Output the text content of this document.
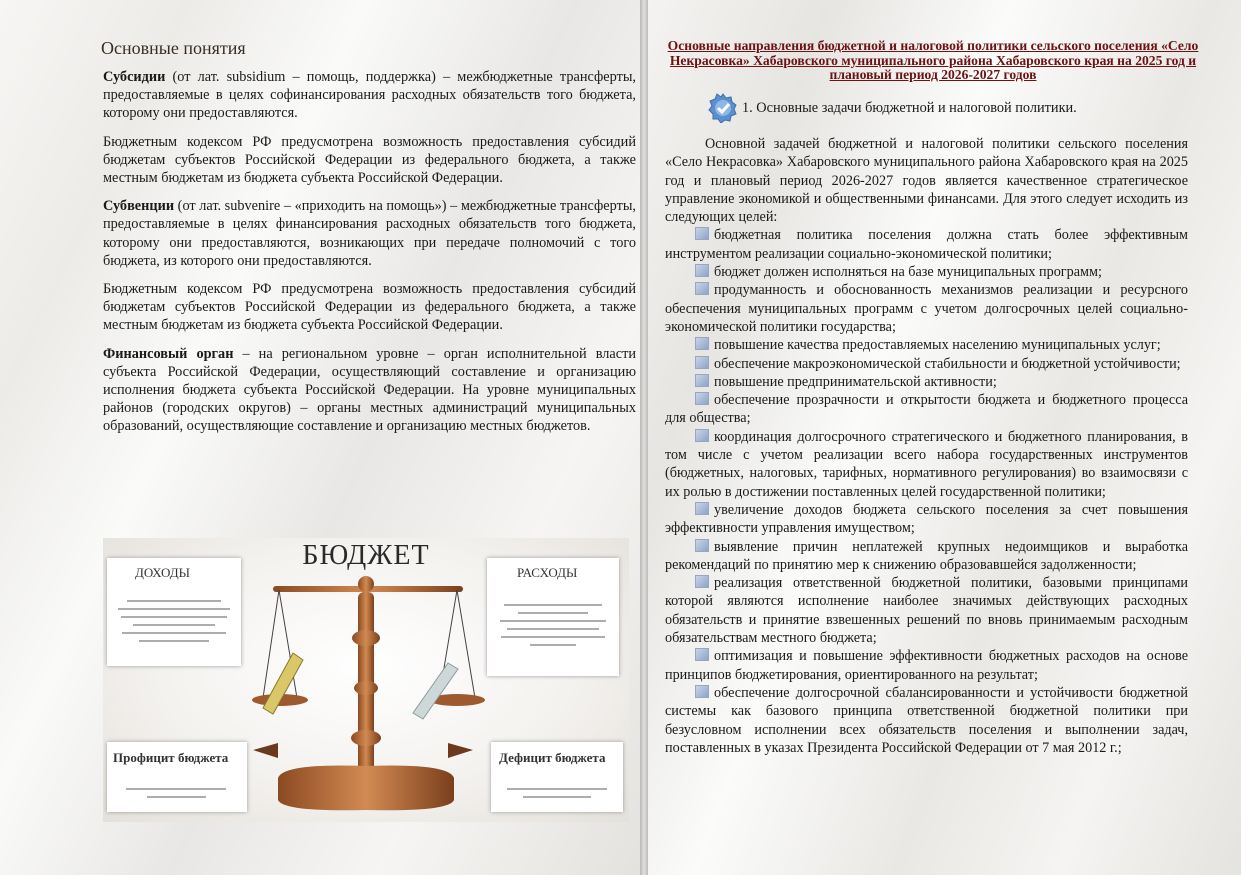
Основные понятия

Субсидии (от лат. subsidium – помощь, поддержка) – межбюджетные трансферты, предоставляемые в целях софинансирования расходных обязательств того бюджета, которому они предоставляются.

Бюджетным кодексом РФ предусмотрена возможность предоставления субсидий бюджетам субъектов Российской Федерации из федерального бюджета, а также местным бюджетам из бюджета субъекта Российской Федерации.

Субвенции (от лат. subvenire – «приходить на помощь») – межбюджетные трансферты, предоставляемые в целях финансирования расходных обязательств того бюджета, которому они предоставляются, возникающих при передаче полномочий с того бюджета, из которого они предоставляются.

Бюджетным кодексом РФ предусмотрена возможность предоставления субсидий бюджетам субъектов Российской Федерации из федерального бюджета, а также местным бюджетам из бюджета субъекта Российской Федерации.

Финансовый орган – на региональном уровне – орган исполнительной власти субъекта Российской Федерации, осуществляющий составление и организацию исполнения бюджета субъекта Российской Федерации. На уровне муниципальных районов (городских округов) – органы местных администраций муниципальных образований, осуществляющие составление и организацию местных бюджетов.

БЮДЖЕТ
ДОХОДЫ	РАСХОДЫ
Профицит бюджета	Дефицит бюджета
Основные направления бюджетной и налоговой политики сельского поселения «Село Некрасовка» Хабаровского муниципального района Хабаровского края на 2025 год и плановый период 2026-2027 годов
1. Основные задачи бюджетной и налоговой политики.

Основной задачей бюджетной и налоговой политики сельского поселения «Село Некрасовка» Хабаровского муниципального района Хабаровского края на 2025 год и плановый период 2026-2027 годов является качественное стратегическое управление экономикой и общественными финансами. Для этого следует исходить из следующих целей:

бюджетная политика поселения должна стать более эффективным инструментом реализации социально-экономической политики;

бюджет должен исполняться на базе муниципальных программ;

продуманность и обоснованность механизмов реализации и ресурсного обеспечения муниципальных программ с учетом долгосрочных целей социально-экономической политики государства;

повышение качества предоставляемых населению муниципальных услуг;

обеспечение макроэкономической стабильности и бюджетной устойчивости;

повышение предпринимательской активности;

обеспечение прозрачности и открытости бюджета и бюджетного процесса для общества;

координация долгосрочного стратегического и бюджетного планирования, в том числе с учетом реализации всего набора государственных инструментов (бюджетных, налоговых, тарифных, нормативного регулирования) во взаимосвязи с их ролью в достижении поставленных целей государственной политики;

увеличение доходов бюджета сельского поселения за счет повышения эффективности управления имуществом;

выявление причин неплатежей крупных недоимщиков и выработка рекомендаций по принятию мер к снижению образовавшейся задолженности;

реализация ответственной бюджетной политики, базовыми принципами которой являются исполнение наиболее значимых действующих расходных обязательств и принятие взвешенных решений по вновь принимаемым расходным обязательствам местного бюджета;

оптимизация и повышение эффективности бюджетных расходов на основе принципов бюджетирования, ориентированного на результат;

обеспечение долгосрочной сбалансированности и устойчивости бюджетной системы как базового принципа ответственной бюджетной политики при безусловном исполнении всех обязательств поселения и выполнении задач, поставленных в указах Президента Российской Федерации от 7 мая 2012 г.;
